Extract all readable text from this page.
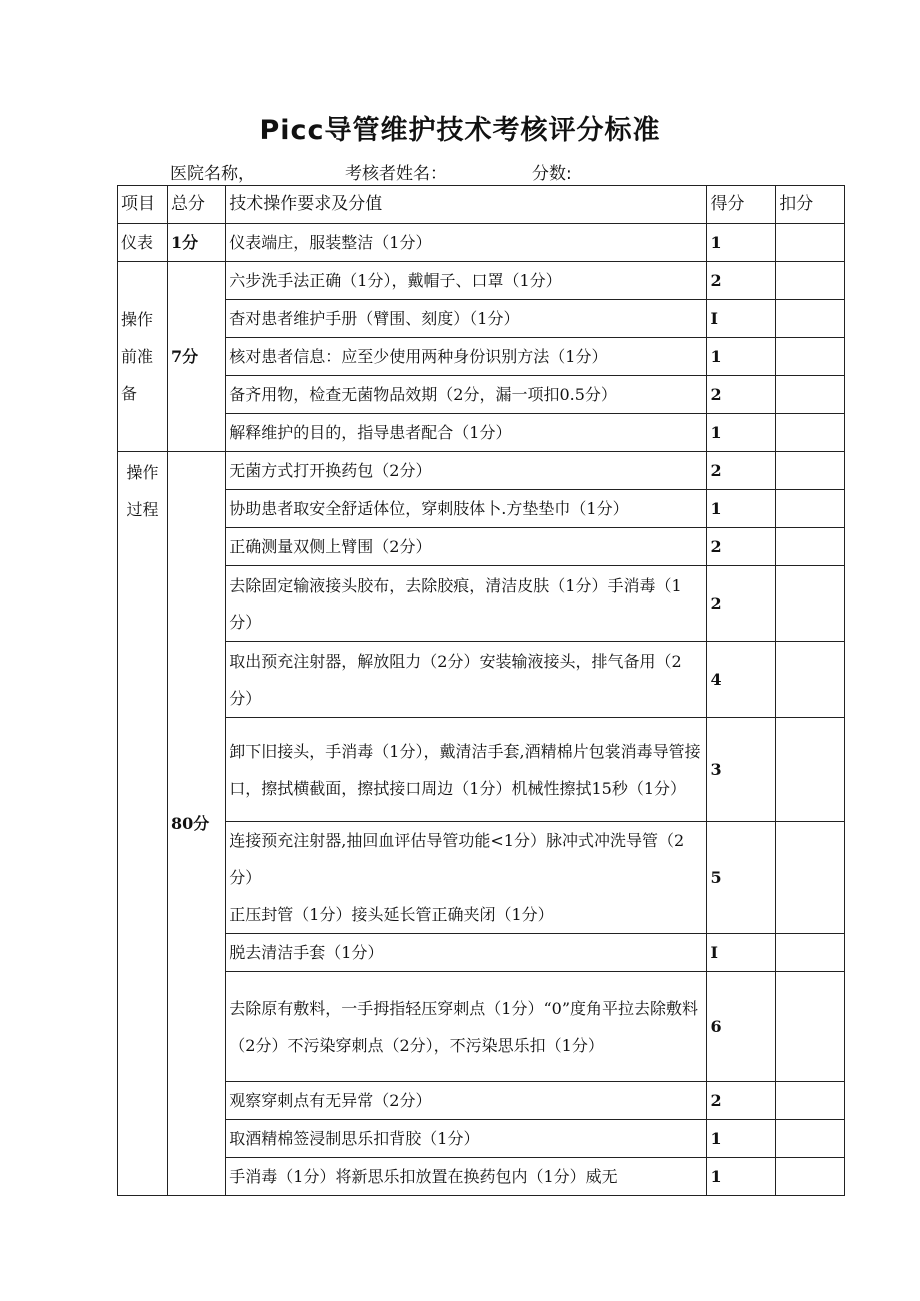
Picc导管维护技术考核评分标准
医院名称，	考核者姓名：	分数:
项目	总分	技术操作要求及分值	得分	扣分
仪表	1分	仪表端庄，服装整洁（1分）	1	
操作
前准
备	7分	六步洗手法正确（1分），戴帽子、口罩（1分）	2	
		杳对患者维护手册（臂围、刻度）（1分）	I	
		核对患者信息：应至少使用两种身份识别方法（1分）	1	
		备齐用物，检查无菌物品效期（2分，漏一项扣0.5分）	2	
		解释维护的目的，指导患者配合（1分）	1	
操作
过程	80分	无菌方式打开换药包（2分）	2	
		协助患者取安全舒适体位，穿刺肢体卜.方垫垫巾（1分）	1	
		正确测量双侧上臂围（2分）	2	
		去除固定输液接头胶布，去除胶痕，清洁皮肤（1分）手消毒（1分）	2	
		取出预充注射器，解放阻力（2分）安装输液接头，排气备用（2分）	4	
		卸下旧接头，手消毒（1分），戴清洁手套,酒精棉片包裳消毒导管接口，擦拭横截面，擦拭接口周边（1分）机械性擦拭15秒（1分）	3	
		连接预充注射器,抽回血评估导管功能<1分）脉冲式冲洗导管（2分）
正压封管（1分）接头延长管正确夹闭（1分）	5	
		脱去清洁手套（1分）	I	
		去除原有敷料，一手拇指轻压穿刺点（1分）“0”度角平拉去除敷料（2分）不污染穿刺点（2分），不污染思乐扣（1分）	6	
		观察穿刺点有无异常（2分）	2	
		取酒精棉签浸制思乐扣背胶（1分）	1	
		手消毒（1分）将新思乐扣放置在换药包内（1分）威无	1	
